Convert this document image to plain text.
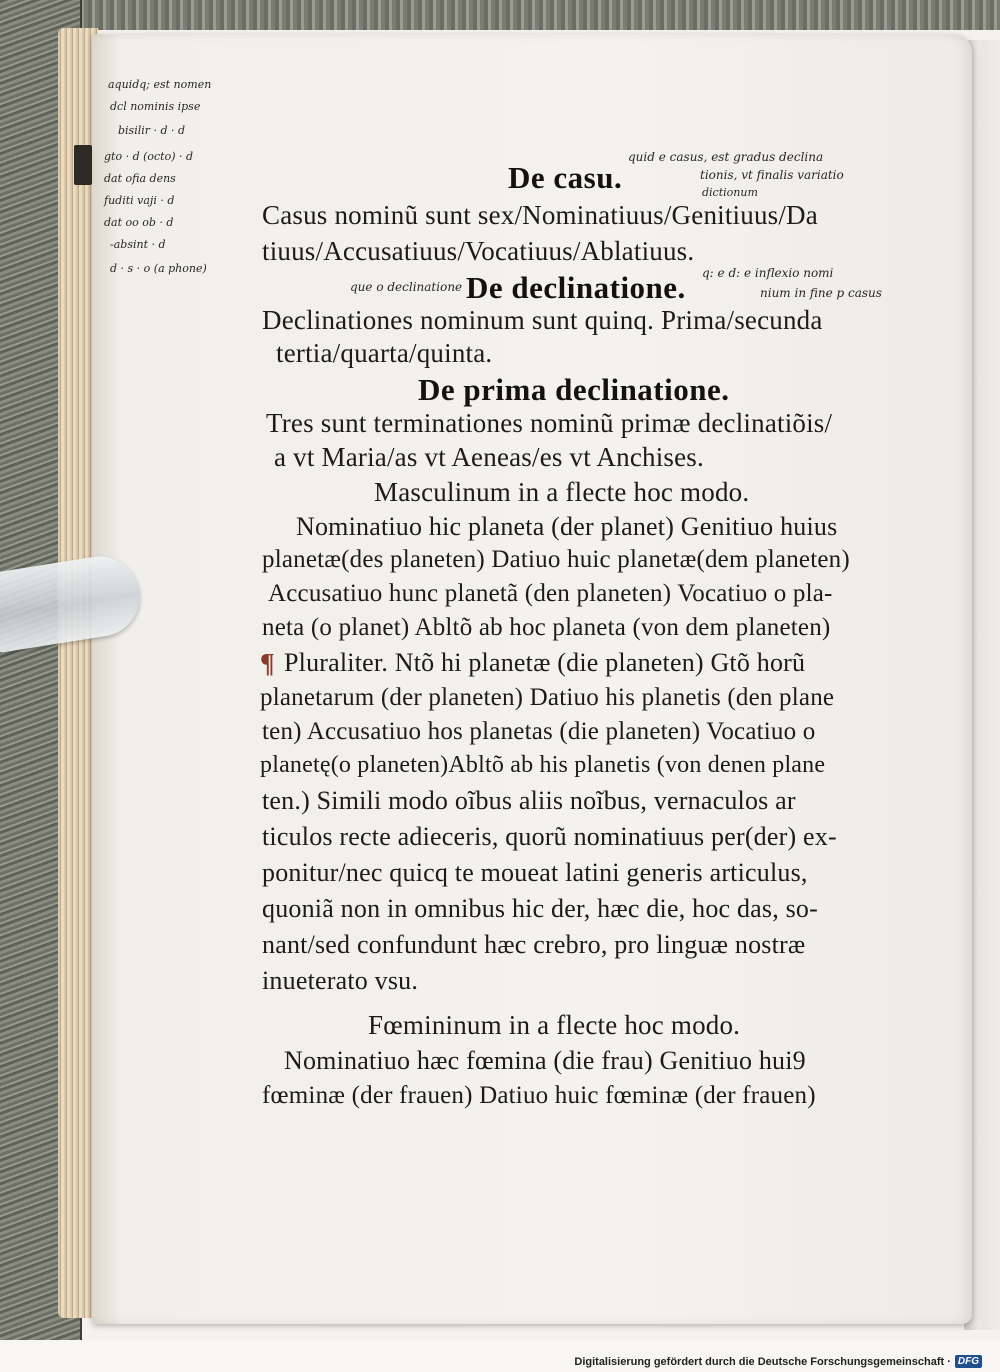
aquidq; est nomen
dcl nominis ipse
bisilir · d · d
gto · d (octo) · d
dat ofia dens
fuditi vaji · d
dat oo ob · d
-absint · d
d · s · o (a phone)
quid e casus, est gradus declina
tionis, vt finalis variatio
dictionum
q: e d: e inflexio nomi
nium in fine p casus
que o declinatione
De casu.
Casus nominũ sunt sex/Nominatiuus/Genitiuus/Da
tiuus/Accusatiuus/Vocatiuus/Ablatiuus.
De declinatione.
Declinationes nominum sunt quinq. Prima/secunda
tertia/quarta/quinta.
De prima declinatione.
Tres sunt terminationes nominũ primæ declinatiõis/
a vt Maria/as vt Aeneas/es vt Anchises.
Masculinum in a flecte hoc modo.
Nominatiuo hic planeta (der planet) Genitiuo huius
planetæ(des planeten) Datiuo huic planetæ(dem planeten)
Accusatiuo hunc planetã (den planeten) Vocatiuo o pla-
neta (o planet) Abltõ ab hoc planeta (von dem planeten)
¶ Pluraliter. Ntõ hi planetæ (die planeten) Gtõ horũ
planetarum (der planeten) Datiuo his planetis (den plane
ten) Accusatiuo hos planetas (die planeten) Vocatiuo o
planetę(o planeten)Abltõ ab his planetis (von denen plane
ten.) Simili modo oĩbus aliis noĩbus, vernaculos ar
ticulos recte adieceris, quorũ nominatiuus per(der) ex-
ponitur/nec quicq te moueat latini generis articulus,
quoniã non in omnibus hic der, hæc die, hoc das, so-
nant/sed confundunt hæc crebro, pro linguæ nostræ
inueterato vsu.
Fœmininum in a flecte hoc modo.
Nominatiuo hæc fœmina (die frau) Genitiuo hui9
fœminæ (der frauen) Datiuo huic fœminæ (der frauen)
Digitalisierung gefördert durch die Deutsche Forschungsgemeinschaft · DFG
